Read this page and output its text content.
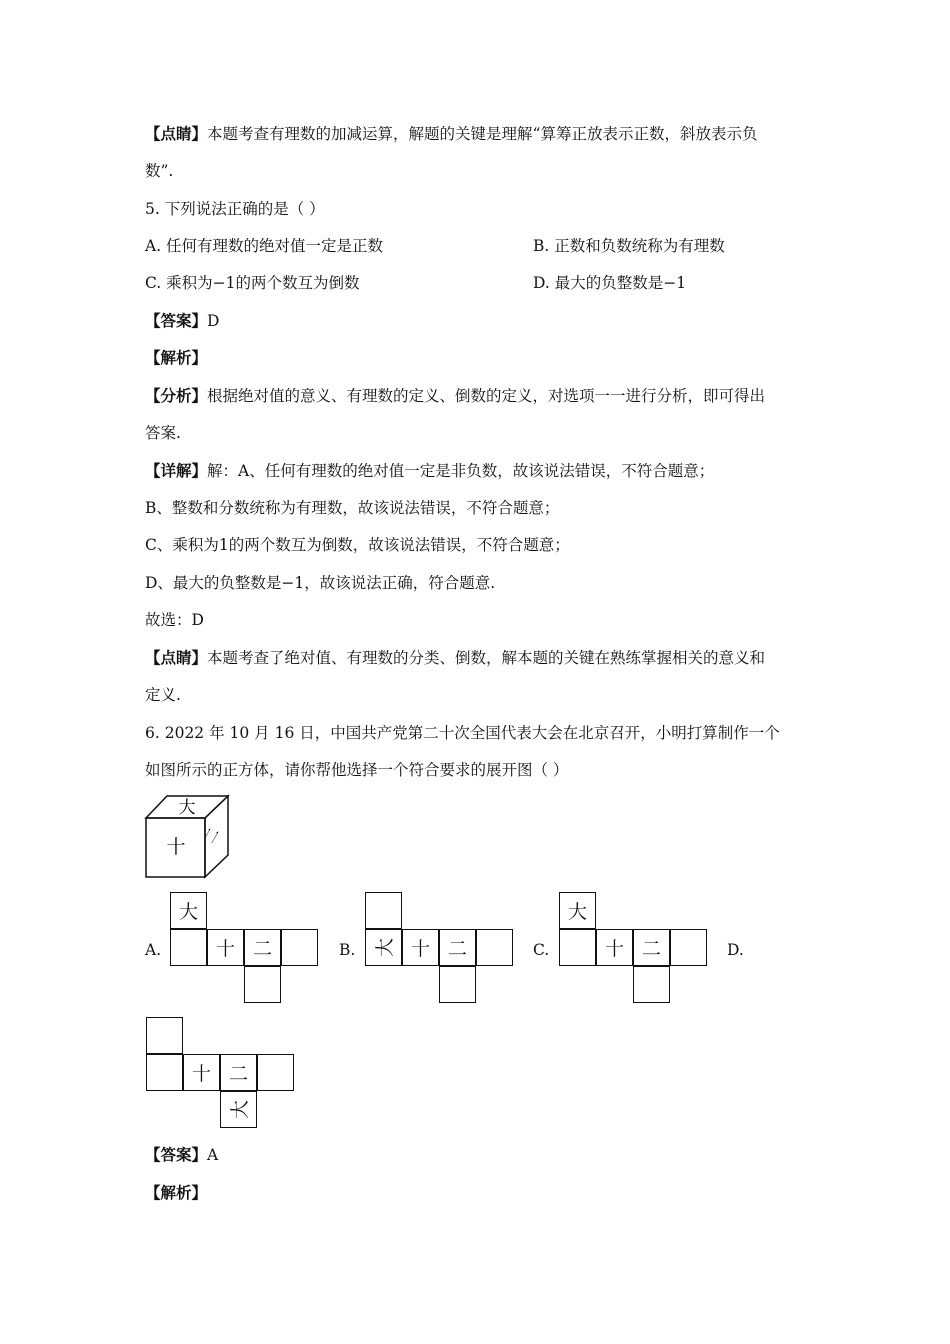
【点睛】本题考查有理数的加减运算，解题的关键是理解“算筹正放表示正数，斜放表示负
数”.
5. 下列说法正确的是（ ）
A. 任何有理数的绝对值一定是正数	B. 正数和负数统称为有理数
C. 乘积为−1的两个数互为倒数	D. 最大的负整数是−1
【答案】D
【解析】
【分析】根据绝对值的意义、有理数的定义、倒数的定义，对选项一一进行分析，即可得出
答案.
【详解】解：A、任何有理数的绝对值一定是非负数，故该说法错误，不符合题意；
B、整数和分数统称为有理数，故该说法错误，不符合题意；
C、乘积为1的两个数互为倒数，故该说法错误，不符合题意；
D、最大的负整数是−1，故该说法正确，符合题意.
故选：D
【点睛】本题考查了绝对值、有理数的分类、倒数，解本题的关键在熟练掌握相关的意义和
定义.
6. 2022 年 10 月 16 日，中国共产党第二十次全国代表大会在北京召开，小明打算制作一个
如图所示的正方体，请你帮他选择一个符合要求的展开图（ ）
大
十
二
A.
大
十 二	B. 大 十 二	C.
大
十 二	D.
十 二
大
【答案】A
【解析】
